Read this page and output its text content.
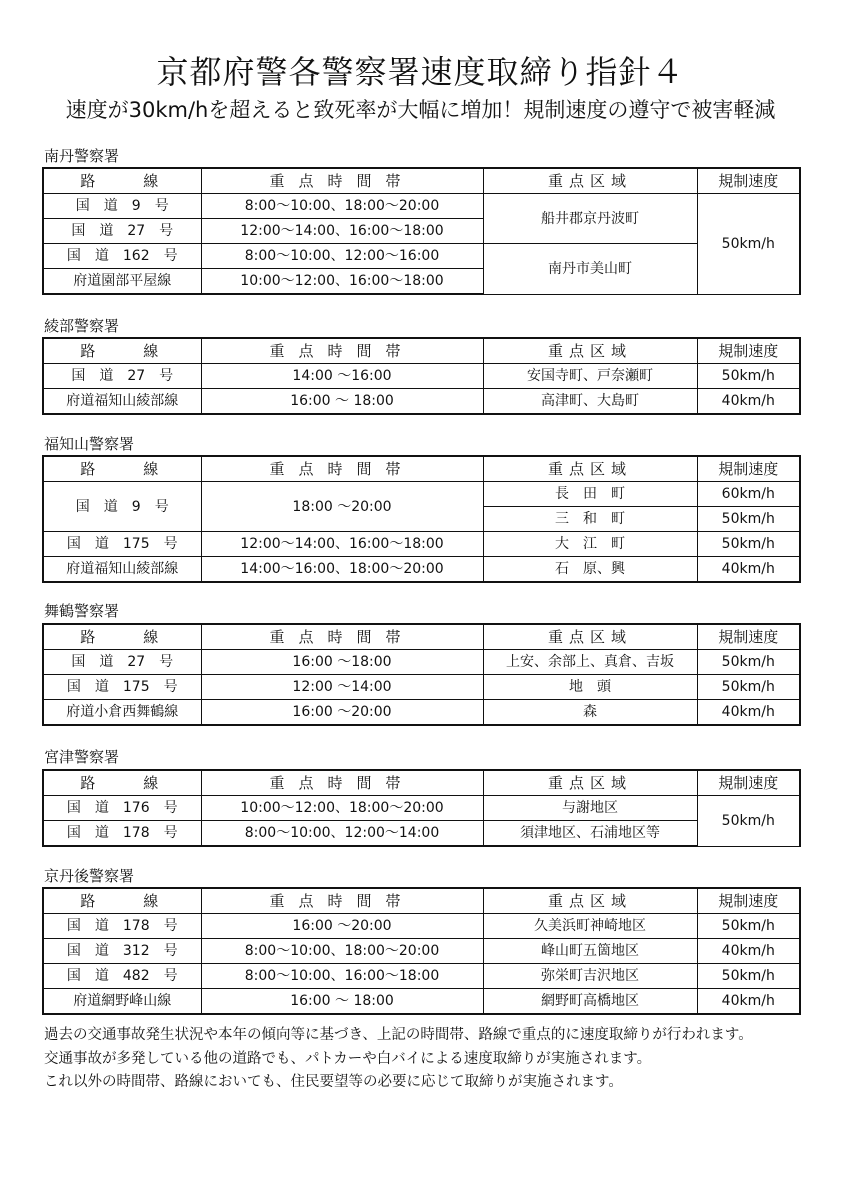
京都府警各警察署速度取締り指針４
速度が30km/hを超えると致死率が大幅に増加！規制速度の遵守で被害軽減
南丹警察署
路　　線	重点時間帯	重点区域	規制速度
国　道　9　号	8:00～10:00、18:00～20:00	船井郡京丹波町	50km/h
国　道　27　号	12:00～14:00、16:00～18:00		
国　道　162　号	8:00～10:00、12:00～16:00	南丹市美山町	
府道園部平屋線	10:00～12:00、16:00～18:00		
綾部警察署
路　　線	重点時間帯	重点区域	規制速度
国　道　27　号	14:00 ～16:00	安国寺町、戸奈瀬町	50km/h
府道福知山綾部線	16:00 ～ 18:00	高津町、大島町	40km/h
福知山警察署
路　　線	重点時間帯	重点区域	規制速度
国　道　9　号	18:00 ～20:00	長　田　町	60km/h
		三　和　町	50km/h
国　道　175　号	12:00～14:00、16:00～18:00	大　江　町	50km/h
府道福知山綾部線	14:00～16:00、18:00～20:00	石　原、興	40km/h
舞鶴警察署
路　　線	重点時間帯	重点区域	規制速度
国　道　27　号	16:00 ～18:00	上安、余部上、真倉、吉坂	50km/h
国　道　175　号	12:00 ～14:00	地　頭	50km/h
府道小倉西舞鶴線	16:00 ～20:00	森	40km/h
宮津警察署
路　　線	重点時間帯	重点区域	規制速度
国　道　176　号	10:00～12:00、18:00～20:00	与謝地区	50km/h
国　道　178　号	8:00～10:00、12:00～14:00	須津地区、石浦地区等	
京丹後警察署
路　　線	重点時間帯	重点区域	規制速度
国　道　178　号	16:00 ～20:00	久美浜町神崎地区	50km/h
国　道　312　号	8:00～10:00、18:00～20:00	峰山町五箇地区	40km/h
国　道　482　号	8:00～10:00、16:00～18:00	弥栄町吉沢地区	50km/h
府道網野峰山線	16:00 ～ 18:00	網野町高橋地区	40km/h
過去の交通事故発生状況や本年の傾向等に基づき、上記の時間帯、路線で重点的に速度取締りが行われます。
交通事故が多発している他の道路でも、パトカーや白バイによる速度取締りが実施されます。
これ以外の時間帯、路線においても、住民要望等の必要に応じて取締りが実施されます。
